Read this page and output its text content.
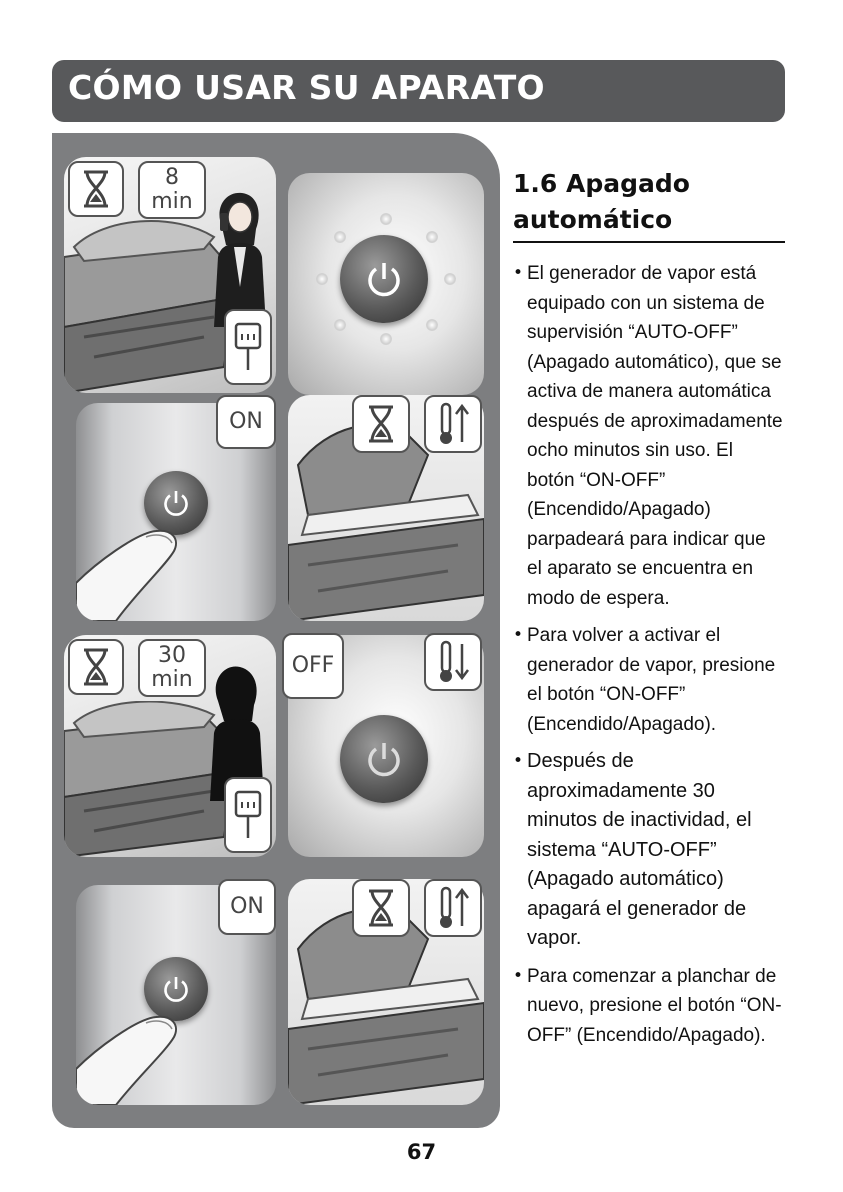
CÓMO USAR SU APARATO
8
min
ON
30
min
OFF
ON
1.6 Apagado
automático
• El generador de vapor está equipado con un sistema de supervisión “AUTO-OFF” (Apagado automático), que se activa de manera automática después de aproximadamente ocho minutos sin uso. El botón “ON-OFF” (Encendido/Apagado) parpadeará para indicar que el aparato se encuentra en modo de espera.
• Para volver a activar el generador de vapor, presione el botón “ON-OFF” (Encendido/Apagado).
• Después de aproximadamente 30 minutos de inactividad, el sistema “AUTO-OFF” (Apagado automático) apagará el generador de vapor.
• Para comenzar a planchar de nuevo, presione el botón “ON-OFF” (Encendido/Apagado).
67
